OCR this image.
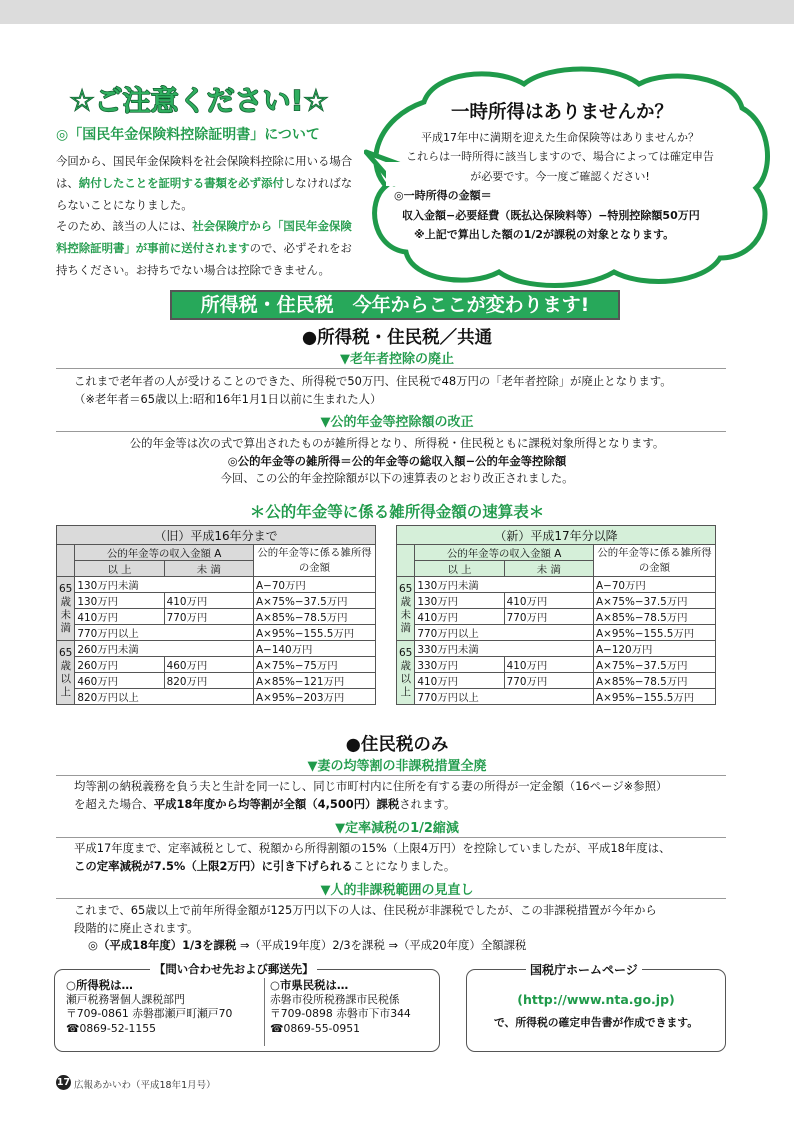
☆ご注意ください!☆
◎「国民年金保険料控除証明書」について
今回から、国民年金保険料を社会保険料控除に用いる場合は、納付したことを証明する書類を必ず添付しなければならないことになりました。
そのため、該当の人には、社会保険庁から「国民年金保険料控除証明書」が事前に送付されますので、必ずそれをお持ちください。お持ちでない場合は控除できません。
一時所得はありませんか？
平成17年中に満期を迎えた生命保険等はありませんか？
これらは一時所得に該当しますので、場合によっては確定申告
が必要です。今一度ご確認ください!
◎一時所得の金額＝
収入金額−必要経費（既払込保険料等）−特別控除額50万円
※上記で算出した額の1/2が課税の対象となります。
所得税・住民税　今年からここが変わります!
●所得税・住民税／共通
▼老年者控除の廃止
これまで老年者の人が受けることのできた、所得税で50万円、住民税で48万円の「老年者控除」が廃止となります。
（※老年者＝65歳以上:昭和16年1月1日以前に生まれた人）
▼公的年金等控除額の改正
公的年金等は次の式で算出されたものが雑所得となり、所得税・住民税ともに課税対象所得となります。
◎公的年金等の雑所得＝公的年金等の総収入額−公的年金等控除額
今回、この公的年金控除額が以下の速算表のとおり改正されました。
＊公的年金等に係る雑所得金額の速算表＊
（旧）平成16年分まで			
	公的年金等の収入金額 A		公的年金等に係る雑所得の金額
	以 上	未 満	
65歳未満	130万円未満		A−70万円
	130万円	410万円	A×75%−37.5万円
	410万円	770万円	A×85%−78.5万円
	770万円以上		A×95%−155.5万円
65歳以上	260万円未満		A−140万円
	260万円	460万円	A×75%−75万円
	460万円	820万円	A×85%−121万円
	820万円以上		A×95%−203万円
（新）平成17年分以降			
	公的年金等の収入金額 A		公的年金等に係る雑所得の金額
	以 上	未 満	
65歳未満	130万円未満		A−70万円
	130万円	410万円	A×75%−37.5万円
	410万円	770万円	A×85%−78.5万円
	770万円以上		A×95%−155.5万円
65歳以上	330万円未満		A−120万円
	330万円	410万円	A×75%−37.5万円
	410万円	770万円	A×85%−78.5万円
	770万円以上		A×95%−155.5万円
●住民税のみ
▼妻の均等割の非課税措置全廃
均等割の納税義務を負う夫と生計を同一にし、同じ市町村内に住所を有する妻の所得が一定金額（16ページ※参照）
を超えた場合、平成18年度から均等割が全額（4,500円）課税されます。
▼定率減税の1/2縮減
平成17年度まで、定率減税として、税額から所得割額の15%（上限4万円）を控除していましたが、平成18年度は、
この定率減税が7.5%（上限2万円）に引き下げられることになりました。
▼人的非課税範囲の見直し
これまで、65歳以上で前年所得金額が125万円以下の人は、住民税が非課税でしたが、この非課税措置が今年から
段階的に廃止されます。
◎（平成18年度）1/3を課税 ⇒（平成19年度）2/3を課税 ⇒（平成20年度）全額課税
【問い合わせ先および郵送先】
○所得税は…
瀬戸税務署個人課税部門
〒709-0861 赤磐郡瀬戸町瀬戸70
☎0869-52-1155
○市県民税は…
赤磐市役所税務課市民税係
〒709-0898 赤磐市下市344
☎0869-55-0951
国税庁ホームページ
(http://www.nta.go.jp)
で、所得税の確定申告書が作成できます。
17 広報あかいわ（平成18年1月号）
